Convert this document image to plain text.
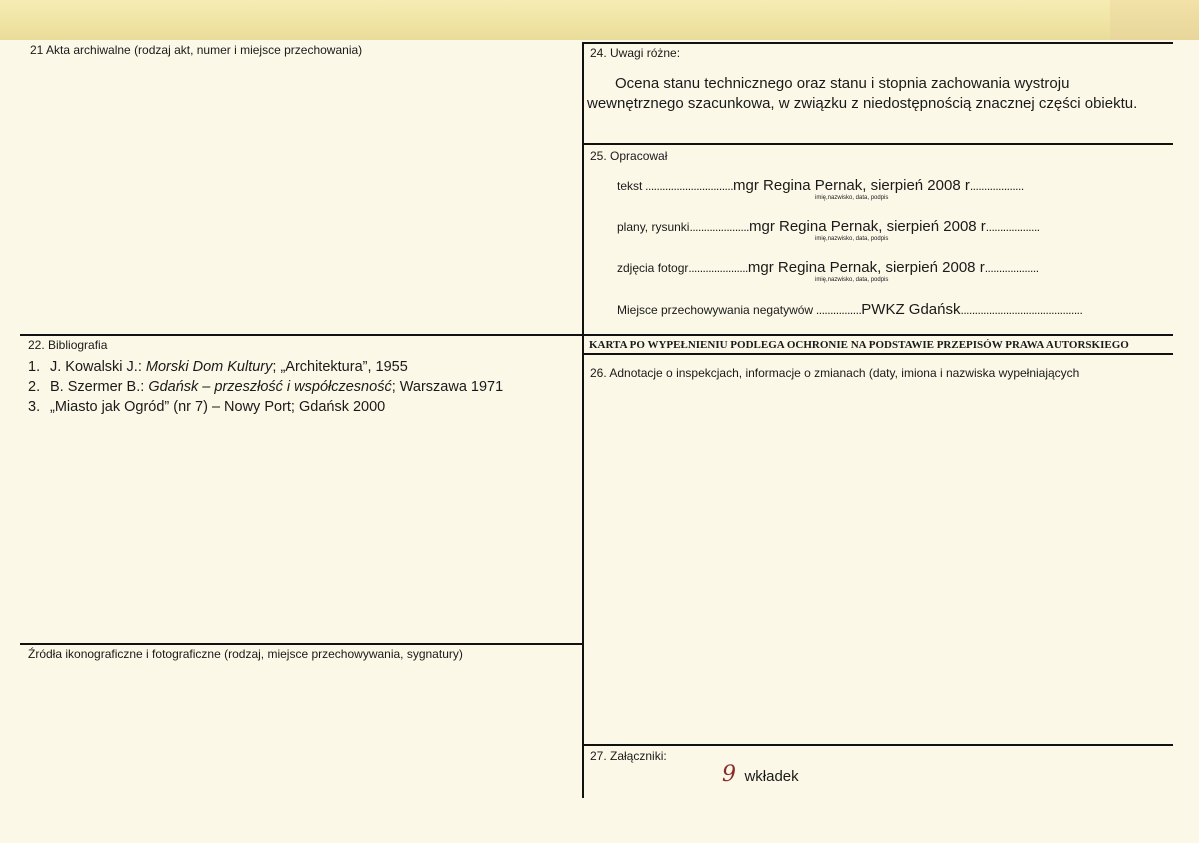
21 Akta archiwalne (rodzaj akt, numer i miejsce przechowania)
22. Bibliografia
1. J. Kowalski J.: Morski Dom Kultury; „Architektura”, 1955
2. B. Szermer B.: Gdańsk – przeszłość i współczesność; Warszawa 1971
3. „Miasto jak Ogród” (nr 7) – Nowy Port; Gdańsk 2000
Źródła ikonograficzne i fotograficzne (rodzaj, miejsce przechowywania, sygnatury)
24. Uwagi różne:
Ocena stanu technicznego oraz stanu i stopnia zachowania wystroju
wewnętrznego szacunkowa, w związku z niedostępnością znacznej części obiektu.
25. Opracował
tekst ...............................mgr Regina Pernak, sierpień 2008 r...................
imię,nazwisko, data, podpis
plany, rysunki.....................mgr Regina Pernak, sierpień 2008 r...................
imię,nazwisko, data, podpis
zdjęcia fotogr.....................mgr Regina Pernak, sierpień 2008 r...................
imię,nazwisko, data, podpis
Miejsce przechowywania negatywów ................PWKZ Gdańsk...........................................
KARTA PO WYPEŁNIENIU PODLEGA OCHRONIE NA PODSTAWIE PRZEPISÓW PRAWA AUTORSKIEGO
26. Adnotacje o inspekcjach, informacje o zmianach (daty, imiona i nazwiska wypełniających
27. Załączniki:
9 wkładek
